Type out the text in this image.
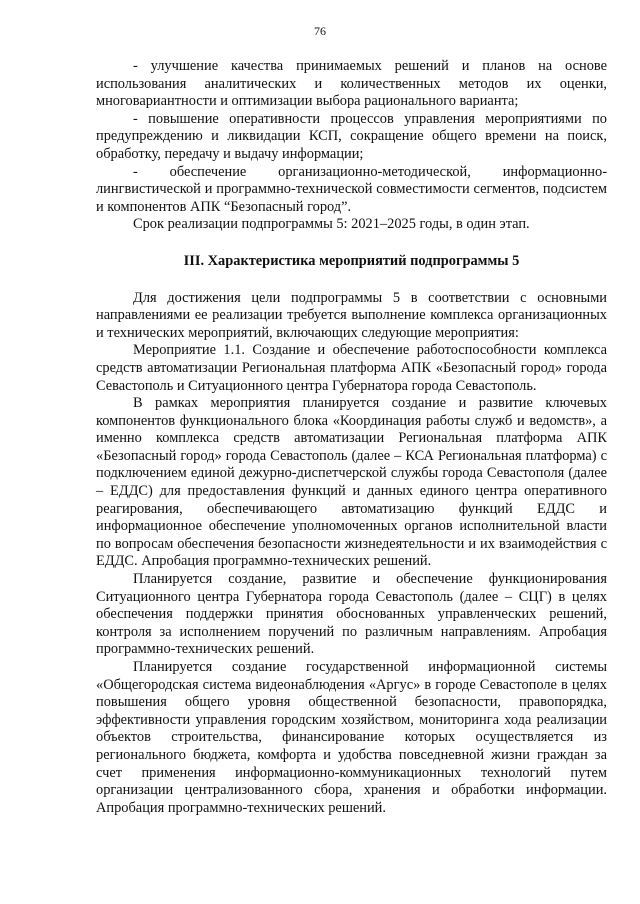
76

- улучшение качества принимаемых решений и планов на основе использования аналитических и количественных методов их оценки, многовариантности и оптимизации выбора рационального варианта;

- повышение оперативности процессов управления мероприятиями по предупреждению и ликвидации КСП, сокращение общего времени на поиск, обработку, передачу и выдачу информации;

- обеспечение организационно-методической, информационно-лингвистической и программно-технической совместимости сегментов, подсистем и компонентов АПК “Безопасный город”.

Срок реализации подпрограммы 5: 2021–2025 годы, в один этап.

III. Характеристика мероприятий подпрограммы 5

Для достижения цели подпрограммы 5 в соответствии с основными направлениями ее реализации требуется выполнение комплекса организационных и технических мероприятий, включающих следующие мероприятия:

Мероприятие 1.1. Создание и обеспечение работоспособности комплекса средств автоматизации Региональная платформа АПК «Безопасный город» города Севастополь и Ситуационного центра Губернатора города Севастополь.

В рамках мероприятия планируется создание и развитие ключевых компонентов функционального блока «Координация работы служб и ведомств», а именно комплекса средств автоматизации Региональная платформа АПК «Безопасный город» города Севастополь (далее – КСА Региональная платформа) с подключением единой дежурно-диспетчерской службы города Севастополя (далее – ЕДДС) для предоставления функций и данных единого центра оперативного реагирования, обеспечивающего автоматизацию функций ЕДДС и информационное обеспечение уполномоченных органов исполнительной власти по вопросам обеспечения безопасности жизнедеятельности и их взаимодействия с ЕДДС. Апробация программно-технических решений.

Планируется создание, развитие и обеспечение функционирования Ситуационного центра Губернатора города Севастополь (далее – СЦГ) в целях обеспечения поддержки принятия обоснованных управленческих решений, контроля за исполнением поручений по различным направлениям. Апробация программно-технических решений.

Планируется создание государственной информационной системы «Общегородская система видеонаблюдения «Аргус» в городе Севастополе в целях повышения общего уровня общественной безопасности, правопорядка, эффективности управления городским хозяйством, мониторинга хода реализации объектов строительства, финансирование которых осуществляется из регионального бюджета, комфорта и удобства повседневной жизни граждан за счет применения информационно-коммуникационных технологий путем организации централизованного сбора, хранения и обработки информации. Апробация программно-технических решений.
